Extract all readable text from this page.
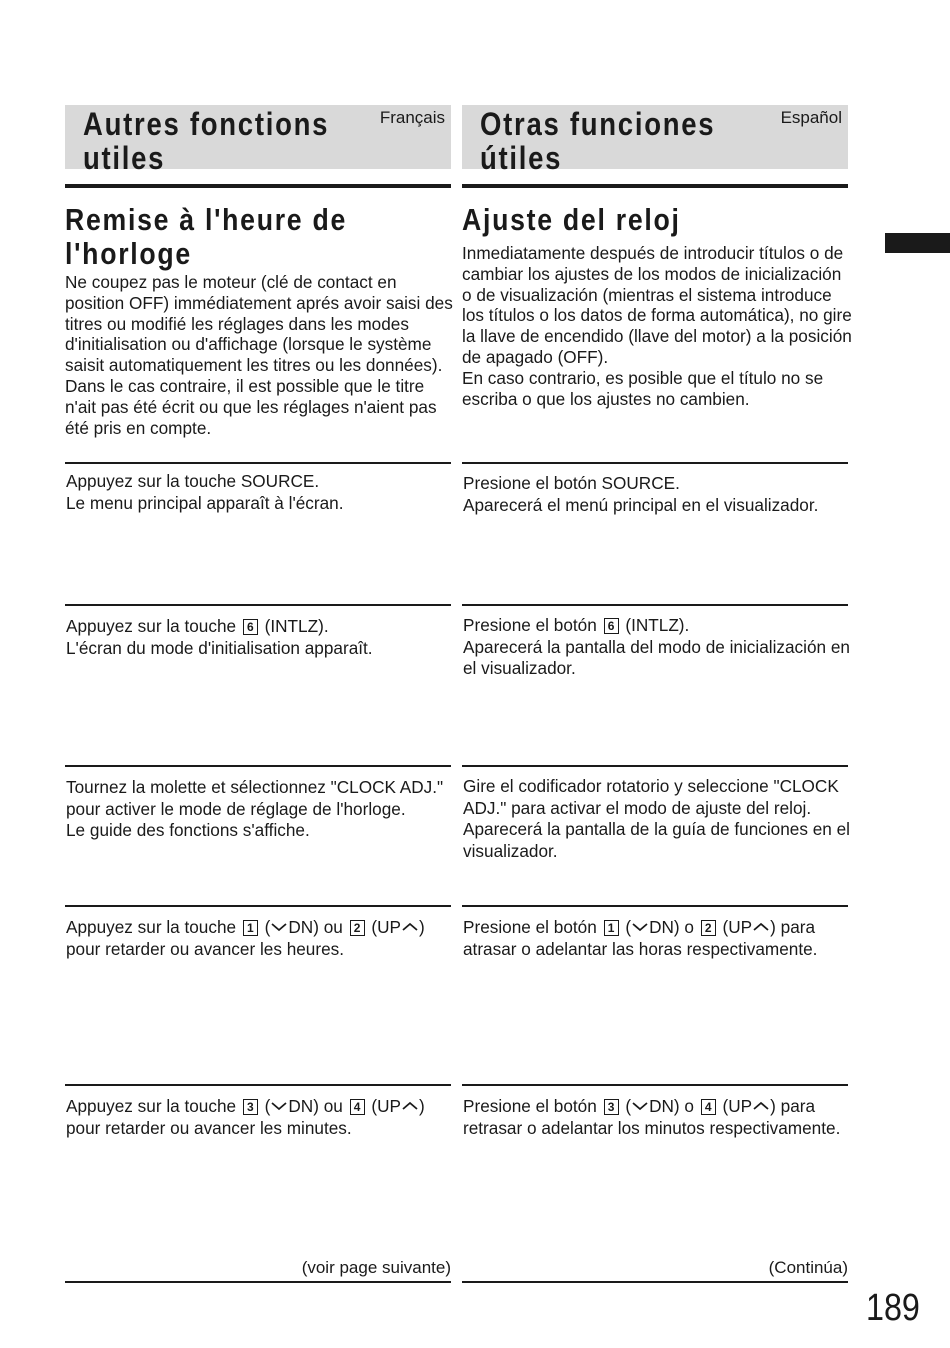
Autres fonctions utiles
Français
Remise à l'heure de l'horloge

Ne coupez pas le moteur (clé de contact en position OFF) immédiatement aprés avoir saisi des titres ou modifié les réglages dans les modes d'initialisation ou d'affichage (lorsque le système saisit automatiquement les titres ou les données).

Dans le cas contraire, il est possible que le titre n'ait pas été écrit ou que les réglages n'aient pas été pris en compte.

Appuyez sur la touche SOURCE.

Le menu principal apparaît à l'écran.

Appuyez sur la touche 6 (INTLZ).

L'écran du mode d'initialisation apparaît.

Tournez la molette et sélectionnez "CLOCK ADJ." pour activer le mode de réglage de l'horloge.

Le guide des fonctions s'affiche.

Appuyez sur la touche 1 ( DN) ou 2 (UP ) pour retarder ou avancer les heures.

Appuyez sur la touche 3 ( DN) ou 4 (UP ) pour retarder ou avancer les minutes.

(voir page suivante)
Otras funciones útiles
Español
Ajuste del reloj

Inmediatamente después de introducir títulos o de cambiar los ajustes de los modos de inicialización o de visualización (mientras el sistema introduce los títulos o los datos de forma automática), no gire la llave de encendido (llave del motor) a la posición de apagado (OFF).

En caso contrario, es posible que el título no se escriba o que los ajustes no cambien.

Presione el botón SOURCE.

Aparecerá el menú principal en el visualizador.

Presione el botón 6 (INTLZ).

Aparecerá la pantalla del modo de inicialización en el visualizador.

Gire el codificador rotatorio y seleccione "CLOCK ADJ." para activar el modo de ajuste del reloj.

Aparecerá la pantalla de la guía de funciones en el visualizador.

Presione el botón 1 ( DN) o 2 (UP ) para atrasar o adelantar las horas respectivamente.

Presione el botón 3 ( DN) o 4 (UP ) para retrasar o adelantar los minutos respectivamente.

(Continúa)
189
